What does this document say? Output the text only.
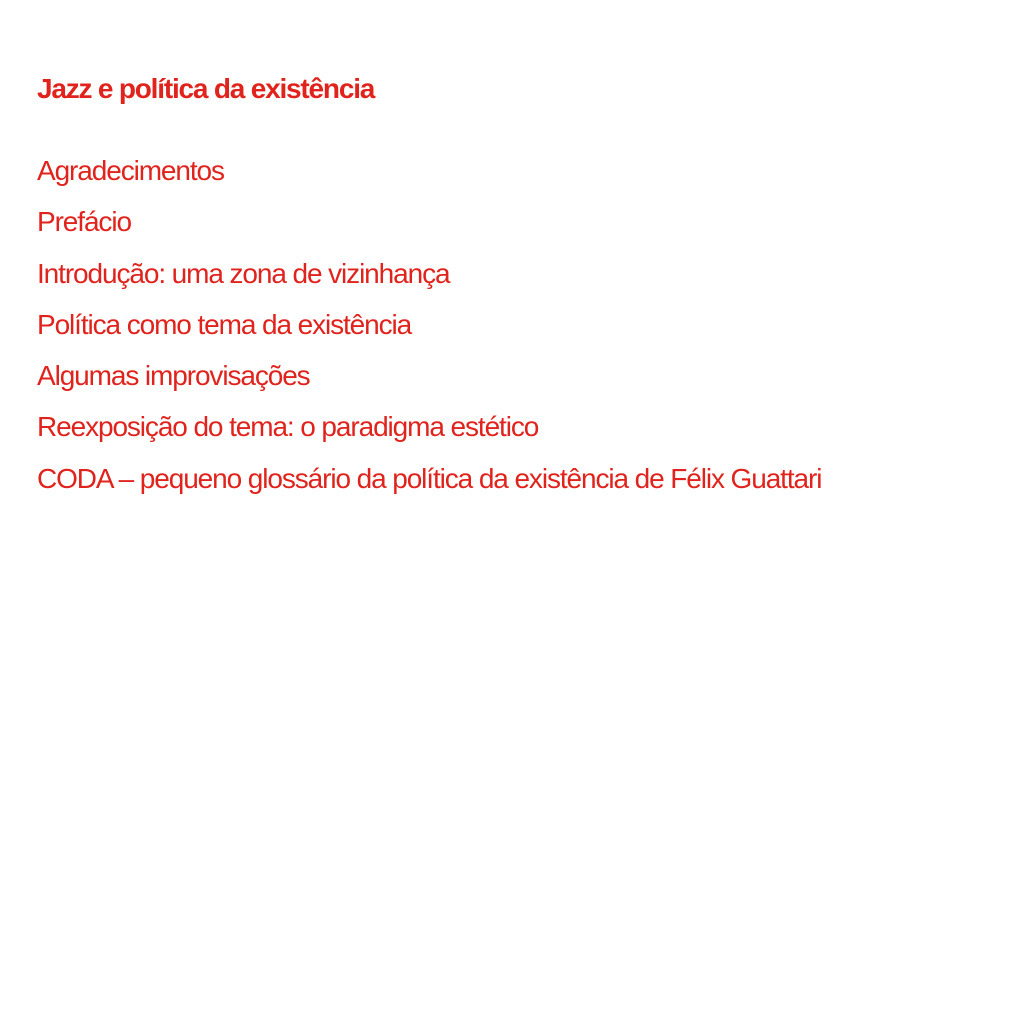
Jazz e política da existência
Agradecimentos
Prefácio
Introdução: uma zona de vizinhança
Política como tema da existência
Algumas improvisações
Reexposição do tema: o paradigma estético
CODA – pequeno glossário da política da existência de Félix Guattari
